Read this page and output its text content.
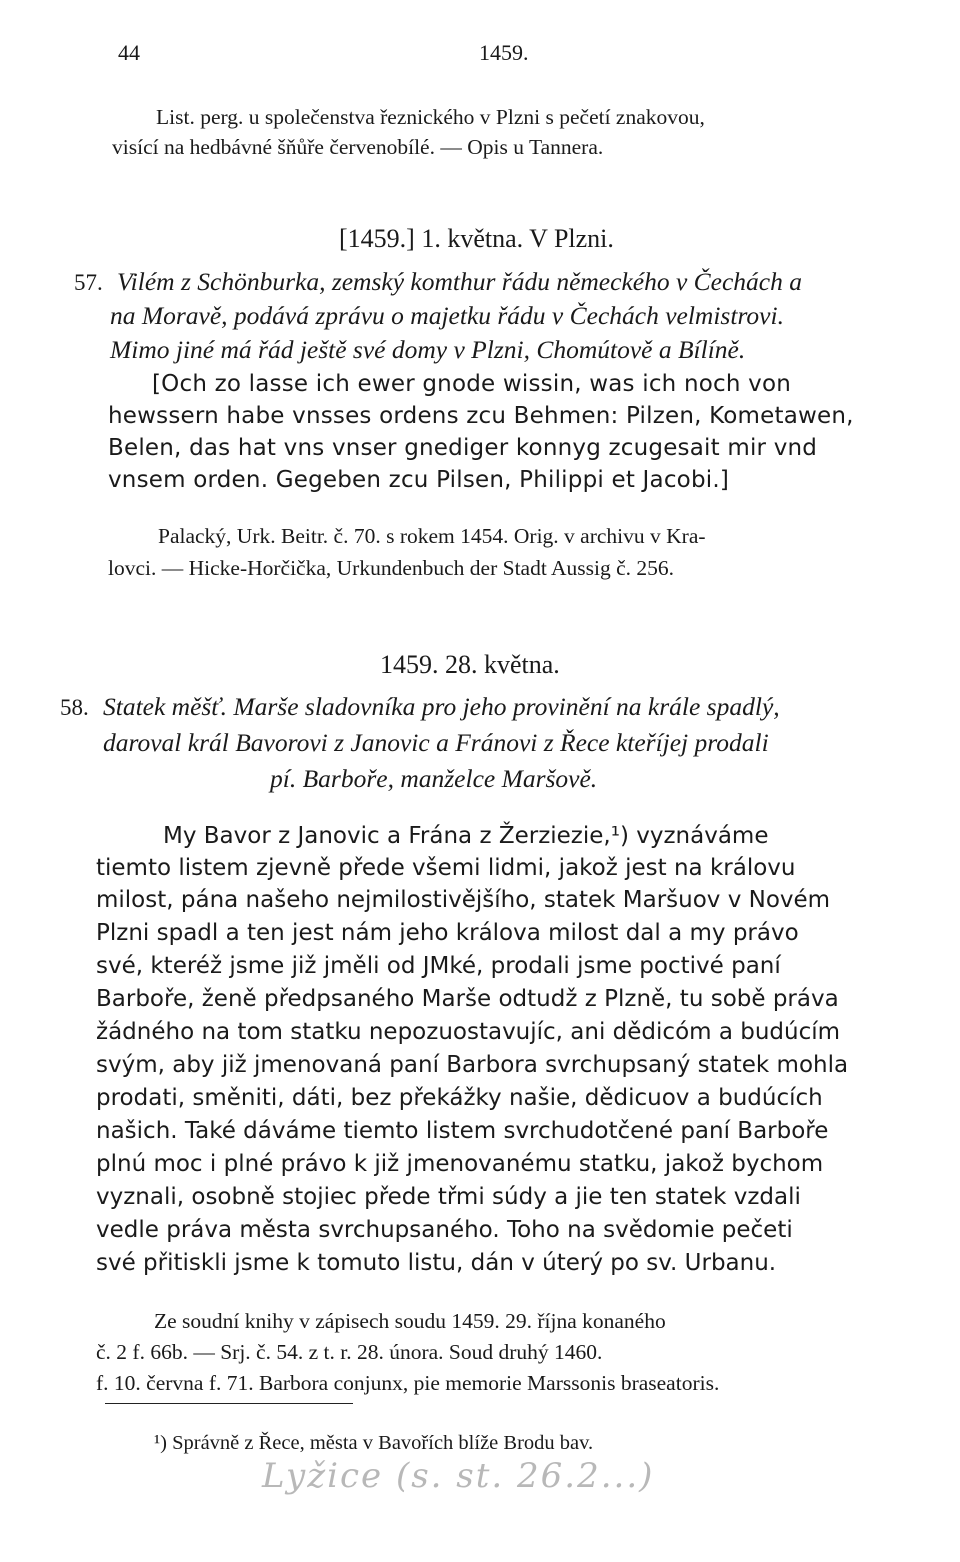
44	1459.
List. perg. u společenstva řeznického v Plzni s pečetí znakovou,
visící na hedbávné šňůře červenobílé. — Opis u Tannera.
[1459.] 1. května. V Plzni.
57. Vilém z Schönburka, zemský komthur řádu německého v Čechách a
na Moravě, podává zprávu o majetku řádu v Čechách velmistrovi.
Mimo jiné má řád ještě své domy v Plzni, Chomútově a Bílíně.
[Och zo lasse ich ewer gnode wissin, was ich noch von
hewssern habe vnsses ordens zcu Behmen: Pilzen, Kometawen,
Belen, das hat vns vnser gnediger konnyg zcugesait mir vnd
vnsem orden. Gegeben zcu Pilsen, Philippi et Jacobi.]
Palacký, Urk. Beitr. č. 70. s rokem 1454. Orig. v archivu v Kra-
lovci. — Hicke-Horčička, Urkundenbuch der Stadt Aussig č. 256.
1459. 28. května.
58. Statek měšť. Marše sladovníka pro jeho provinění na krále spadlý,
daroval král Bavorovi z Janovic a Fránovi z Řece kteříjej prodali
pí. Barboře, manželce Maršově.
My Bavor z Janovic a Frána z Žerziezie,¹) vyznáváme
tiemto listem zjevně přede všemi lidmi, jakož jest na královu
milost, pána našeho nejmilostivějšího, statek Maršuov v Novém
Plzni spadl a ten jest nám jeho králova milost dal a my právo
své, kteréž jsme již jměli od JMké, prodali jsme poctivé paní
Barboře, ženě předpsaného Marše odtudž z Plzně, tu sobě práva
žádného na tom statku nepozuostavujíc, ani dědicóm a budúcím
svým, aby již jmenovaná paní Barbora svrchupsaný statek mohla
prodati, směniti, dáti, bez překážky našie, dědicuov a budúcích
našich. Také dáváme tiemto listem svrchudotčené paní Barboře
plnú moc i plné právo k již jmenovanému statku, jakož bychom
vyznali, osobně stojiec přede třmi súdy a jie ten statek vzdali
vedle práva města svrchupsaného. Toho na svědomie pečeti
své přitiskli jsme k tomuto listu, dán v úterý po sv. Urbanu.
Ze soudní knihy v zápisech soudu 1459. 29. října konaného
č. 2 f. 66b. — Srj. č. 54. z t. r. 28. února. Soud druhý 1460.
f. 10. června f. 71. Barbora conjunx, pie memorie Marssonis braseatoris.
¹) Správně z Řece, města v Bavořích blíže Brodu bav.
Lyžice (s. st. 26.2...)
